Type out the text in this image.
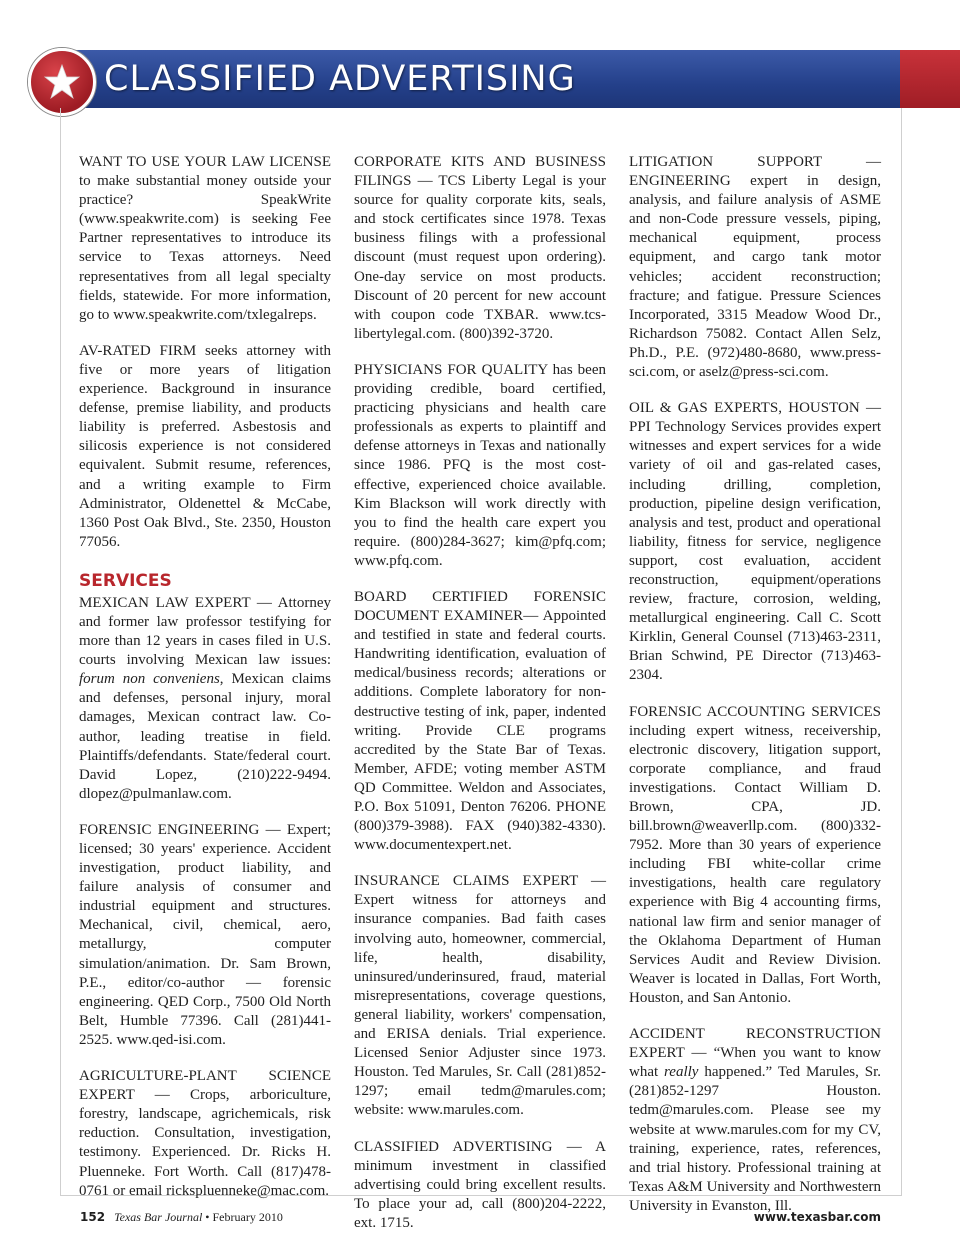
CLASSIFIED ADVERTISING

WANT TO USE YOUR LAW LICENSE to make substantial money outside your practice? SpeakWrite (www.speakwrite.com) is seeking Fee Partner representatives to introduce its service to Texas attorneys. Need representatives from all legal specialty fields, statewide. For more information, go to www.speakwrite.com/txlegalreps.

AV-RATED FIRM seeks attorney with five or more years of litigation experience. Background in insurance defense, premise liability, and products liability is preferred. Asbestosis and silicosis experience is not considered equivalent. Submit resume, references, and a writing example to Firm Administrator, Oldenettel & McCabe, 1360 Post Oak Blvd., Ste. 2350, Houston 77056.

SERVICES

MEXICAN LAW EXPERT — Attorney and former law professor testifying for more than 12 years in cases filed in U.S. courts involving Mexican law issues: forum non conveniens, Mexican claims and defenses, personal injury, moral damages, Mexican contract law. Co-author, leading treatise in field. Plaintiffs/defendants. State/federal court. David Lopez, (210)222-9494. dlopez@pulmanlaw.com.

FORENSIC ENGINEERING — Expert; licensed; 30 years' experience. Accident investigation, product liability, and failure analysis of consumer and industrial equipment and structures. Mechanical, civil, chemical, aero, metallurgy, computer simulation/animation. Dr. Sam Brown, P.E., editor/co-author — forensic engineering. QED Corp., 7500 Old North Belt, Humble 77396. Call (281)441-2525. www.qed-isi.com.

AGRICULTURE-PLANT SCIENCE EXPERT — Crops, arboriculture, forestry, landscape, agrichemicals, risk reduction. Consultation, investigation, testimony. Experienced. Dr. Ricks H. Pluenneke. Fort Worth. Call (817)478-0761 or email rickspluenneke@mac.com.

CORPORATE KITS AND BUSINESS FILINGS — TCS Liberty Legal is your source for quality corporate kits, seals, and stock certificates since 1978. Texas business filings with a professional discount (must request upon ordering). One-day service on most products. Discount of 20 percent for new account with coupon code TXBAR. www.tcs-libertylegal.com. (800)392-3720.

PHYSICIANS FOR QUALITY has been providing credible, board certified, practicing physicians and health care professionals as experts to plaintiff and defense attorneys in Texas and nationally since 1986. PFQ is the most cost-effective, experienced choice available. Kim Blackson will work directly with you to find the health care expert you require. (800)284-3627; kim@pfq.com; www.pfq.com.

BOARD CERTIFIED FORENSIC DOCUMENT EXAMINER— Appointed and testified in state and federal courts. Handwriting identification, evaluation of medical/business records; alterations or additions. Complete laboratory for non-destructive testing of ink, paper, indented writing. Provide CLE programs accredited by the State Bar of Texas. Member, AFDE; voting member ASTM QD Committee. Weldon and Associates, P.O. Box 51091, Denton 76206. PHONE (800)379-3988). FAX (940)382-4330). www.documentexpert.net.

INSURANCE CLAIMS EXPERT — Expert witness for attorneys and insurance companies. Bad faith cases involving auto, homeowner, commercial, life, health, disability, uninsured/underinsured, fraud, material misrepresentations, coverage questions, general liability, workers' compensation, and ERISA denials. Trial experience. Licensed Senior Adjuster since 1973. Houston. Ted Marules, Sr. Call (281)852-1297; email tedm@marules.com; website: www.marules.com.

CLASSIFIED ADVERTISING — A minimum investment in classified advertising could bring excellent results. To place your ad, call (800)204-2222, ext. 1715.

LITIGATION SUPPORT — ENGINEERING expert in design, analysis, and failure analysis of ASME and non-Code pressure vessels, piping, mechanical equipment, process equipment, and cargo tank motor vehicles; accident reconstruction; fracture; and fatigue. Pressure Sciences Incorporated, 3315 Meadow Wood Dr., Richardson 75082. Contact Allen Selz, Ph.D., P.E. (972)480-8680, www.press-sci.com, or aselz@press-sci.com.

OIL & GAS EXPERTS, HOUSTON — PPI Technology Services provides expert witnesses and expert services for a wide variety of oil and gas-related cases, including drilling, completion, production, pipeline design verification, analysis and test, product and operational liability, fitness for service, negligence support, cost evaluation, accident reconstruction, equipment/operations review, fracture, corrosion, welding, metallurgical engineering. Call C. Scott Kirklin, General Counsel (713)463-2311, Brian Schwind, PE Director (713)463-2304.

FORENSIC ACCOUNTING SERVICES including expert witness, receivership, electronic discovery, litigation support, corporate compliance, and fraud investigations. Contact William D. Brown, CPA, JD. bill.brown@weaverllp.com. (800)332-7952. More than 30 years of experience including FBI white-collar crime investigations, health care regulatory experience with Big 4 accounting firms, national law firm and senior manager of the Oklahoma Department of Human Services Audit and Review Division. Weaver is located in Dallas, Fort Worth, Houston, and San Antonio.

ACCIDENT RECONSTRUCTION EXPERT — “When you want to know what really happened.” Ted Marules, Sr. (281)852-1297 Houston. tedm@marules.com. Please see my website at www.marules.com for my CV, training, experience, rates, references, and trial history. Professional training at Texas A&M University and Northwestern University in Evanston, Ill.

152 Texas Bar Journal • February 2010	www.texasbar.com
